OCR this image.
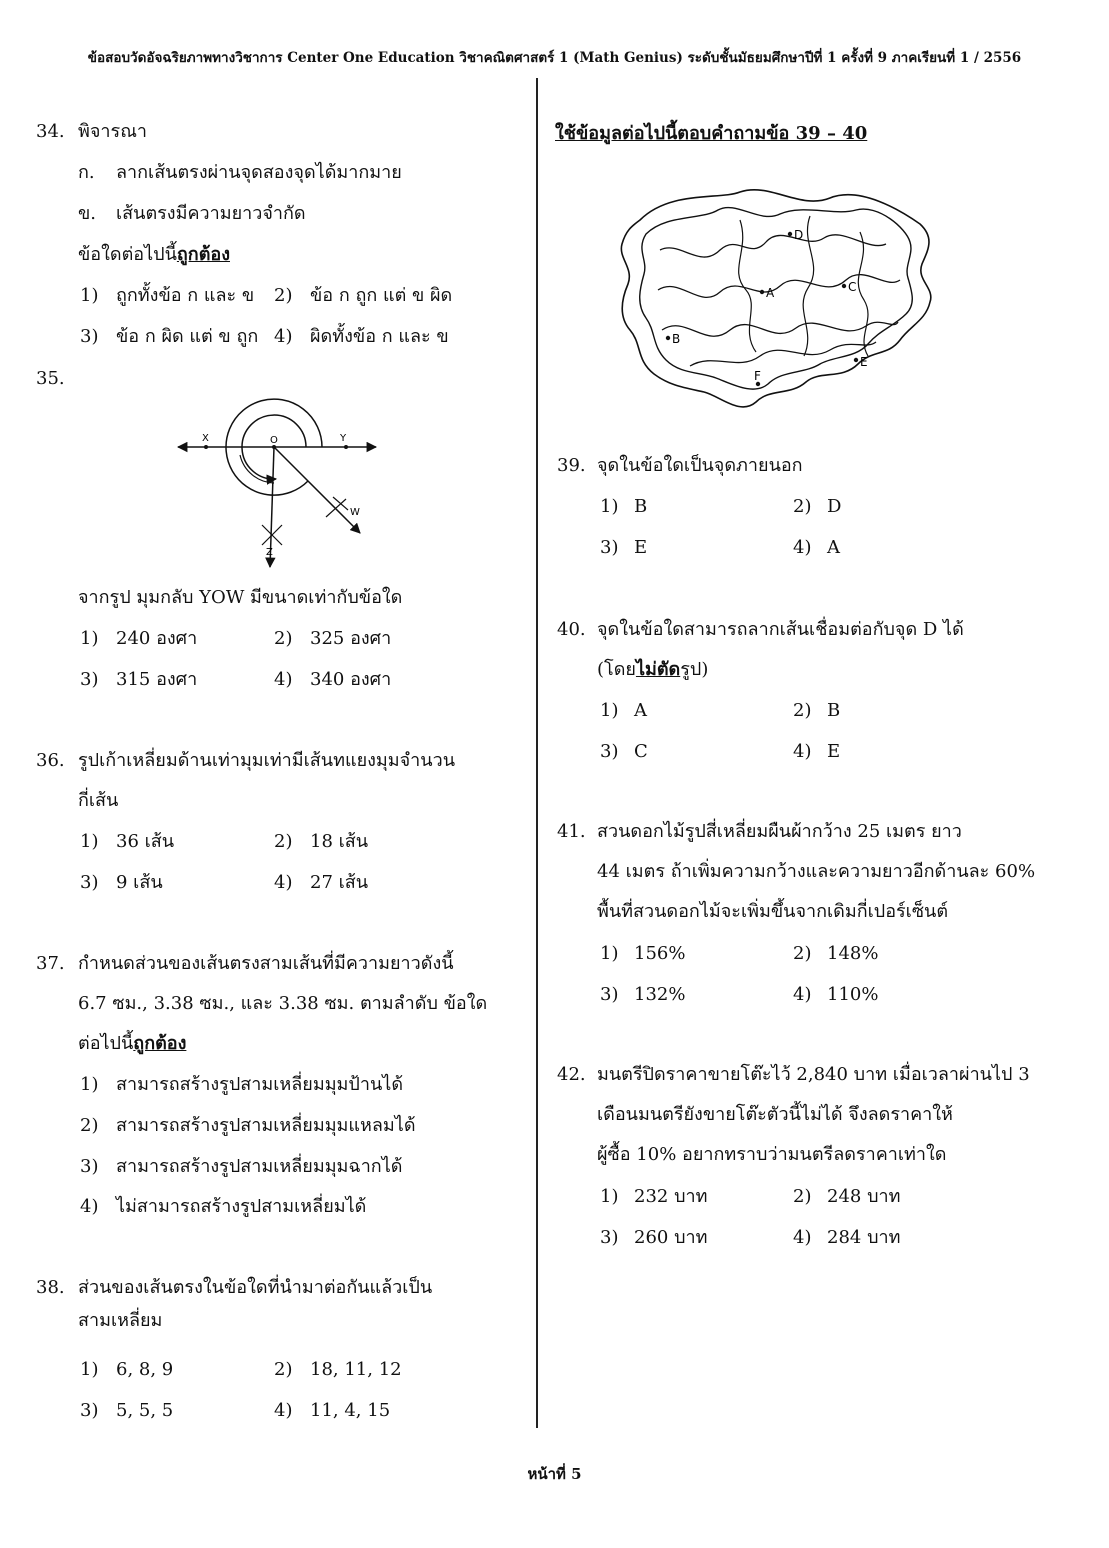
ข้อสอบวัดอัจฉริยภาพทางวิชาการ Center One Education วิชาคณิตศาสตร์ 1 (Math Genius) ระดับชั้นมัธยมศึกษาปีที่ 1 ครั้งที่ 9 ภาคเรียนที่ 1 / 2556
หน้าที่ 5
34. พิจารณา
ก. ลากเส้นตรงผ่านจุดสองจุดได้มากมาย
ข. เส้นตรงมีความยาวจำกัด
ข้อใดต่อไปนี้ถูกต้อง
1) ถูกทั้งข้อ ก และ ข 2) ข้อ ก ถูก แต่ ข ผิด
3) ข้อ ก ผิด แต่ ข ถูก 4) ผิดทั้งข้อ ก และ ข
35.
X	O	Y
W
Z
จากรูป มุมกลับ YOW มีขนาดเท่ากับข้อใด
1) 240 องศา	2) 325 องศา
3) 315 องศา	4) 340 องศา
36. รูปเก้าเหลี่ยมด้านเท่ามุมเท่ามีเส้นทแยงมุมจำนวน
กี่เส้น
1) 36 เส้น	2) 18 เส้น
3) 9 เส้น	4) 27 เส้น
37. กำหนดส่วนของเส้นตรงสามเส้นที่มีความยาวดังนี้
6.7 ซม., 3.38 ซม., และ 3.38 ซม. ตามลำดับ ข้อใด
ต่อไปนี้ถูกต้อง
1) สามารถสร้างรูปสามเหลี่ยมมุมป้านได้
2) สามารถสร้างรูปสามเหลี่ยมมุมแหลมได้
3) สามารถสร้างรูปสามเหลี่ยมมุมฉากได้
4) ไม่สามารถสร้างรูปสามเหลี่ยมได้
38. ส่วนของเส้นตรงในข้อใดที่นำมาต่อกันแล้วเป็น
สามเหลี่ยม
1) 6, 8, 9	2) 18, 11, 12
3) 5, 5, 5	4) 11, 4, 15
ใช้ข้อมูลต่อไปนี้ตอบคำถามข้อ 39 – 40
A
B
C
D
E
F
39. จุดในข้อใดเป็นจุดภายนอก
1) B	2) D
3) E	4) A
40. จุดในข้อใดสามารถลากเส้นเชื่อมต่อกับจุด D ได้
(โดยไม่ตัดรูป)
1) A	2) B
3) C	4) E
41. สวนดอกไม้รูปสี่เหลี่ยมผืนผ้ากว้าง 25 เมตร ยาว
44 เมตร ถ้าเพิ่มความกว้างและความยาวอีกด้านละ 60%
พื้นที่สวนดอกไม้จะเพิ่มขึ้นจากเดิมกี่เปอร์เซ็นต์
1) 156%	2) 148%
3) 132%	4) 110%
42. มนตรีปิดราคาขายโต๊ะไว้ 2,840 บาท เมื่อเวลาผ่านไป 3
เดือนมนตรียังขายโต๊ะตัวนี้ไม่ได้ จึงลดราคาให้
ผู้ซื้อ 10% อยากทราบว่ามนตรีลดราคาเท่าใด
1) 232 บาท	2) 248 บาท
3) 260 บาท	4) 284 บาท
